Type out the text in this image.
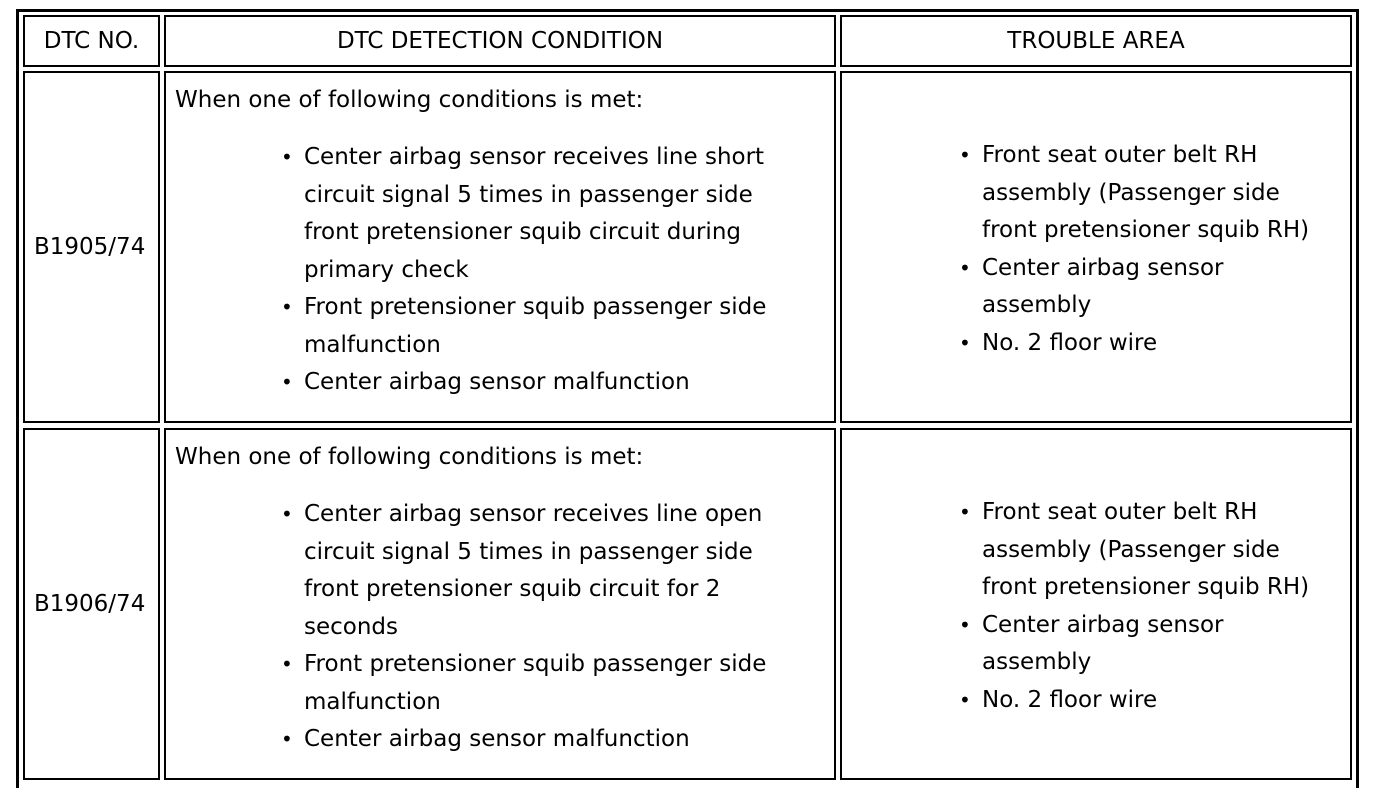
DTC NO.	DTC DETECTION CONDITION	TROUBLE AREA
B1905/74
When one of following conditions is met:
• Center airbag sensor receives line short
circuit signal 5 times in passenger side
front pretensioner squib circuit during
primary check
• Front pretensioner squib passenger side
malfunction
• Center airbag sensor malfunction
• Front seat outer belt RH
assembly (Passenger side
front pretensioner squib RH)
• Center airbag sensor
assembly
• No. 2 floor wire
B1906/74
When one of following conditions is met:
• Center airbag sensor receives line open
circuit signal 5 times in passenger side
front pretensioner squib circuit for 2
seconds
• Front pretensioner squib passenger side
malfunction
• Center airbag sensor malfunction
• Front seat outer belt RH
assembly (Passenger side
front pretensioner squib RH)
• Center airbag sensor
assembly
• No. 2 floor wire
